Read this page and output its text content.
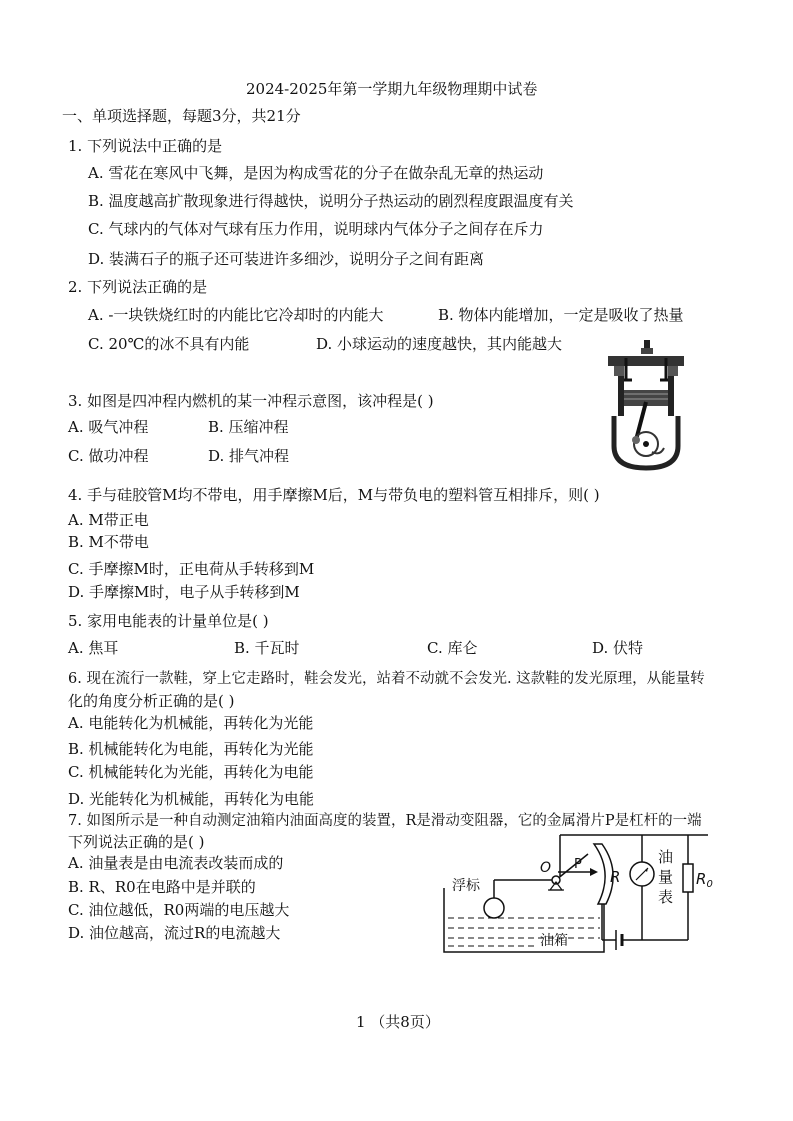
2024-2025年第一学期九年级物理期中试卷
一、单项选择题，每题3分，共21分
1. 下列说法中正确的是
A. 雪花在寒风中飞舞，是因为构成雪花的分子在做杂乱无章的热运动
B. 温度越高扩散现象进行得越快，说明分子热运动的剧烈程度跟温度有关
C. 气球内的气体对气球有压力作用，说明球内气体分子之间存在斥力
D. 装满石子的瓶子还可装进许多细沙，说明分子之间有距离
2. 下列说法正确的是
A. -一块铁烧红时的内能比它冷却时的内能大	B. 物体内能增加，一定是吸收了热量
C. 20℃的冰不具有内能	D. 小球运动的速度越快，其内能越大
3. 如图是四冲程内燃机的某一冲程示意图，该冲程是( )
A. 吸气冲程	B. 压缩冲程
C. 做功冲程	D. 排气冲程
4. 手与硅胶管M均不带电，用手摩擦M后，M与带负电的塑料管互相排斥，则( )
A. M带正电
B. M不带电
C. 手摩擦M时，正电荷从手转移到M
D. 手摩擦M时，电子从手转移到M
5. 家用电能表的计量单位是( )
A. 焦耳	B. 千瓦时	C. 库仑	D. 伏特
6. 现在流行一款鞋，穿上它走路时，鞋会发光，站着不动就不会发光. 这款鞋的发光原理，从能量转
化的角度分析正确的是( )
A. 电能转化为机械能，再转化为光能
B. 机械能转化为电能，再转化为光能
C. 机械能转化为光能，再转化为电能
D. 光能转化为机械能，再转化为电能
7. 如图所示是一种自动测定油箱内油面高度的装置，R是滑动变阻器，它的金属滑片P是杠杆的一端
下列说法正确的是( )
A. 油量表是由电流表改装而成的
B. R、R0在电路中是并联的
C. 油位越低，R0两端的电压越大
D. 油位越高，流过R的电流越大	油箱
浮标
O P
R
油
量
表
$R_0$
1 （共8页）
